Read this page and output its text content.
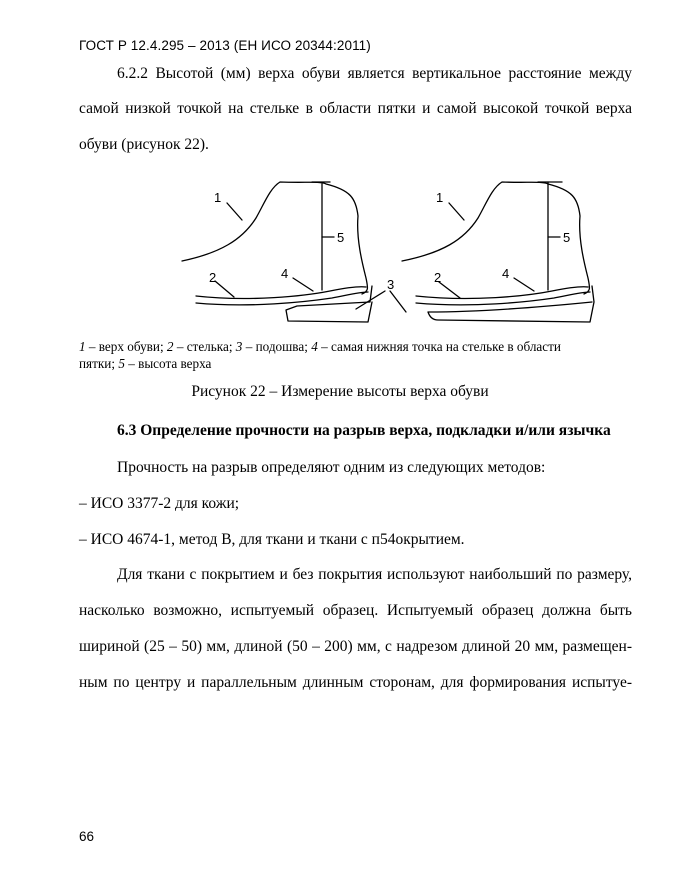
ГОСТ Р 12.4.295 – 2013 (ЕН ИСО 20344:2011)
6.2.2 Высотой (мм) верха обуви является вертикальное расстояние между
самой низкой точкой на стельке в области пятки и самой высокой точкой верха
обуви (рисунок 22).
1
2	4
5
3
1
2	4
5
1 – верх обуви; 2 – стелька; 3 – подошва; 4 – самая нижняя точка на стельке в области
пятки; 5 – высота верха
Рисунок 22 – Измерение высоты верха обуви
6.3 Определение прочности на разрыв верха, подкладки и/или язычка
Прочность на разрыв определяют одним из следующих методов:
– ИСО 3377-2 для кожи;
– ИСО 4674-1, метод В, для ткани и ткани с п54окрытием.
Для ткани с покрытием и без покрытия используют наибольший по размеру,
насколько возможно, испытуемый образец. Испытуемый образец должна быть
шириной (25 – 50) мм, длиной (50 – 200) мм, с надрезом длиной 20 мм, размещен-
ным по центру и параллельным длинным сторонам, для формирования испытуе-
66
